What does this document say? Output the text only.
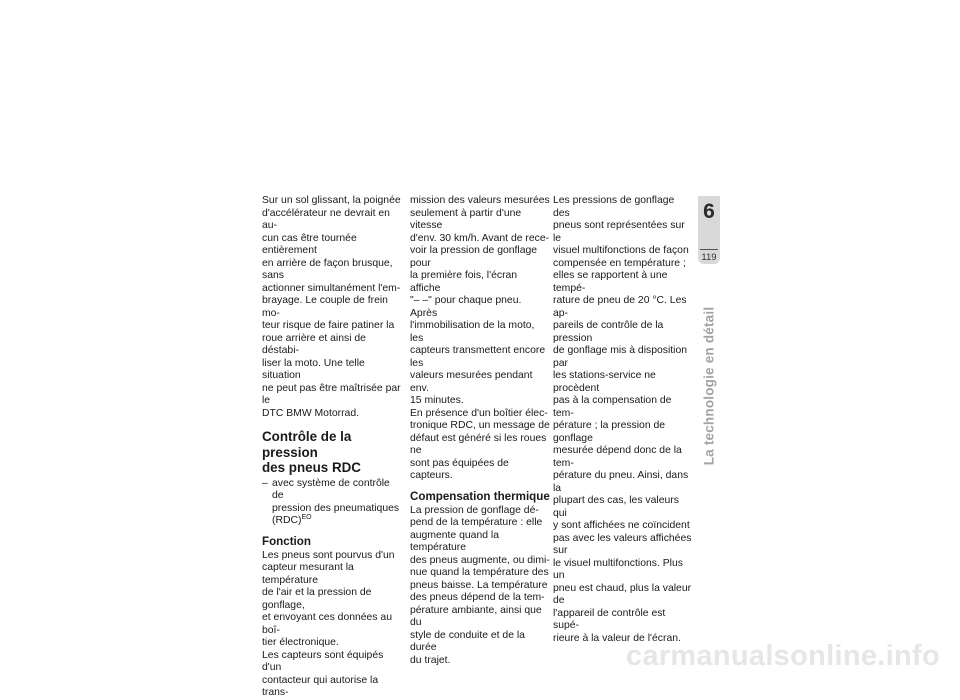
Sur un sol glissant, la poignée
d'accélérateur ne devrait en au-
cun cas être tournée entièrement
en arrière de façon brusque, sans
actionner simultanément l'em-
brayage. Le couple de frein mo-
teur risque de faire patiner la
roue arrière et ainsi de déstabi-
liser la moto. Une telle situation
ne peut pas être maîtrisée par le
DTC BMW Motorrad.

Contrôle de la pression
des pneus RDC
– avec système de contrôle de
pression des pneumatiques
(RDC)$^{EO}$
Fonction

Les pneus sont pourvus d'un
capteur mesurant la température
de l'air et la pression de gonflage,
et envoyant ces données au boî-
tier électronique.
Les capteurs sont équipés d'un
contacteur qui autorise la trans-

mission des valeurs mesurées
seulement à partir d'une vitesse
d'env. 30 km/h. Avant de rece-
voir la pression de gonflage pour
la première fois, l'écran affiche
"– –" pour chaque pneu. Après
l'immobilisation de la moto, les
capteurs transmettent encore les
valeurs mesurées pendant env.
15 minutes.
En présence d'un boîtier élec-
tronique RDC, un message de
défaut est généré si les roues ne
sont pas équipées de capteurs.

Compensation thermique

La pression de gonflage dé-
pend de la température : elle
augmente quand la température
des pneus augmente, ou dimi-
nue quand la température des
pneus baisse. La température
des pneus dépend de la tem-
pérature ambiante, ainsi que du
style de conduite et de la durée
du trajet.

Les pressions de gonflage des
pneus sont représentées sur le
visuel multifonctions de façon
compensée en température ;
elles se rapportent à une tempé-
rature de pneu de 20 °C. Les ap-
pareils de contrôle de la pression
de gonflage mis à disposition par
les stations-service ne procèdent
pas à la compensation de tem-
pérature ; la pression de gonflage
mesurée dépend donc de la tem-
pérature du pneu. Ainsi, dans la
plupart des cas, les valeurs qui
y sont affichées ne coïncident
pas avec les valeurs affichées sur
le visuel multifonctions. Plus un
pneu est chaud, plus la valeur de
l'appareil de contrôle est supé-
rieure à la valeur de l'écran.

6
119
La technologie en détail
carmanualsonline.info
